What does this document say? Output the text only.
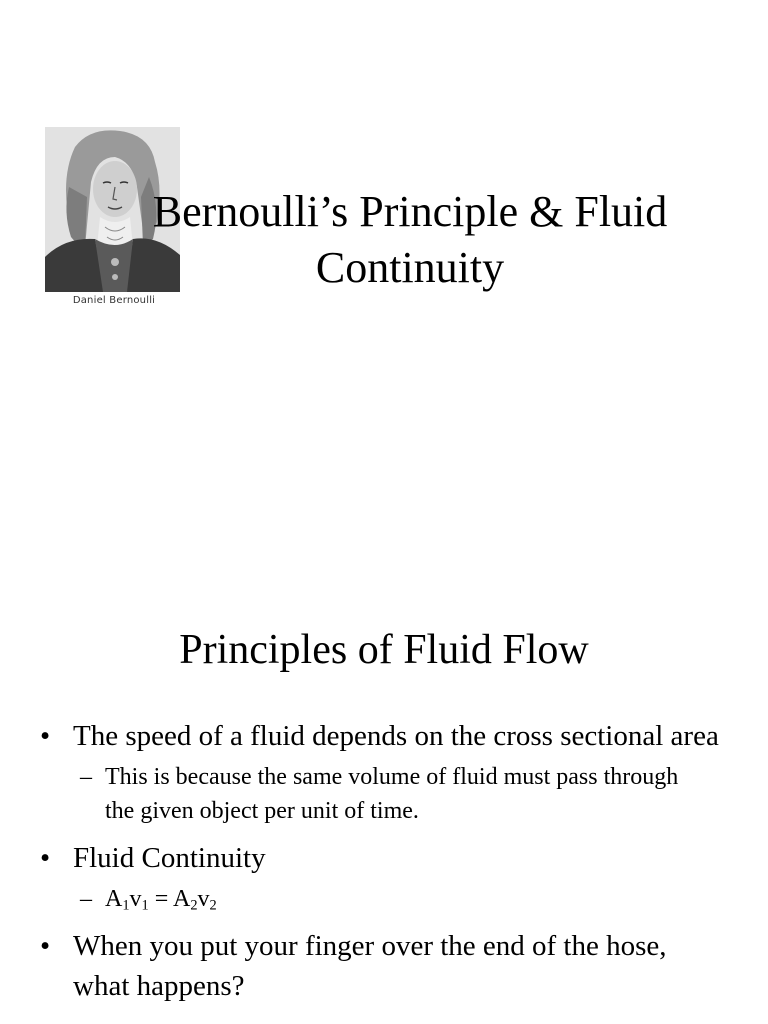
Daniel Bernoulli
Bernoulli’s Principle & Fluid
Continuity
Principles of Fluid Flow
• The speed of a fluid depends on the cross sectional area
– This is because the same volume of fluid must pass through the given object per unit of time.
• Fluid Continuity
– $A_1v_1 = A_2v_2$
• When you put your finger over the end of the hose, what happens?
